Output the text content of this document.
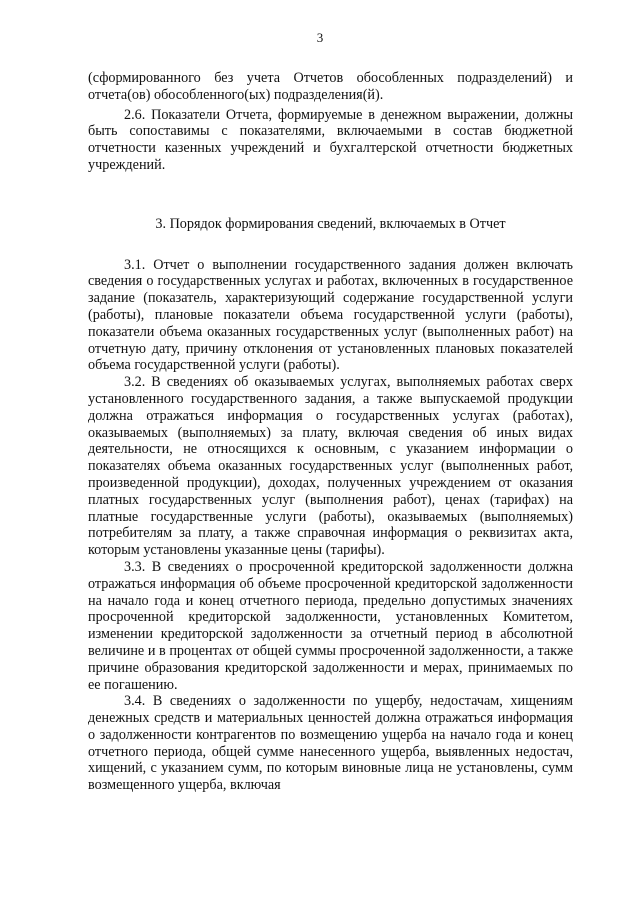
3

(сформированного без учета Отчетов обособленных подразделений) и отчета(ов) обособленного(ых) подразделения(й).

2.6. Показатели Отчета, формируемые в денежном выражении, должны быть сопоставимы с показателями, включаемыми в состав бюджетной отчетности казенных учреждений и бухгалтерской отчетности бюджетных учреждений.

3. Порядок формирования сведений, включаемых в Отчет

3.1. Отчет о выполнении государственного задания должен включать сведения о государственных услугах и работах, включенных в государственное задание (показатель, характеризующий содержание государственной услуги (работы), плановые показатели объема государственной услуги (работы), показатели объема оказанных государственных услуг (выполненных работ) на отчетную дату, причину отклонения от установленных плановых показателей объема государственной услуги (работы).

3.2. В сведениях об оказываемых услугах, выполняемых работах сверх установленного государственного задания, а также выпускаемой продукции должна отражаться информация о государственных услугах (работах), оказываемых (выполняемых) за плату, включая сведения об иных видах деятельности, не относящихся к основным, с указанием информации о показателях объема оказанных государственных услуг (выполненных работ, произведенной продукции), доходах, полученных учреждением от оказания платных государственных услуг (выполнения работ), ценах (тарифах) на платные государственные услуги (работы), оказываемых (выполняемых) потребителям за плату, а также справочная информация о реквизитах акта, которым установлены указанные цены (тарифы).

3.3. В сведениях о просроченной кредиторской задолженности должна отражаться информация об объеме просроченной кредиторской задолженности на начало года и конец отчетного периода, предельно допустимых значениях просроченной кредиторской задолженности, установленных Комитетом, изменении кредиторской задолженности за отчетный период в абсолютной величине и в процентах от общей суммы просроченной задолженности, а также причине образования кредиторской задолженности и мерах, принимаемых по ее погашению.

3.4. В сведениях о задолженности по ущербу, недостачам, хищениям денежных средств и материальных ценностей должна отражаться информация о задолженности контрагентов по возмещению ущерба на начало года и конец отчетного периода, общей сумме нанесенного ущерба, выявленных недостач, хищений, с указанием сумм, по которым виновные лица не установлены, сумм возмещенного ущерба, включая
